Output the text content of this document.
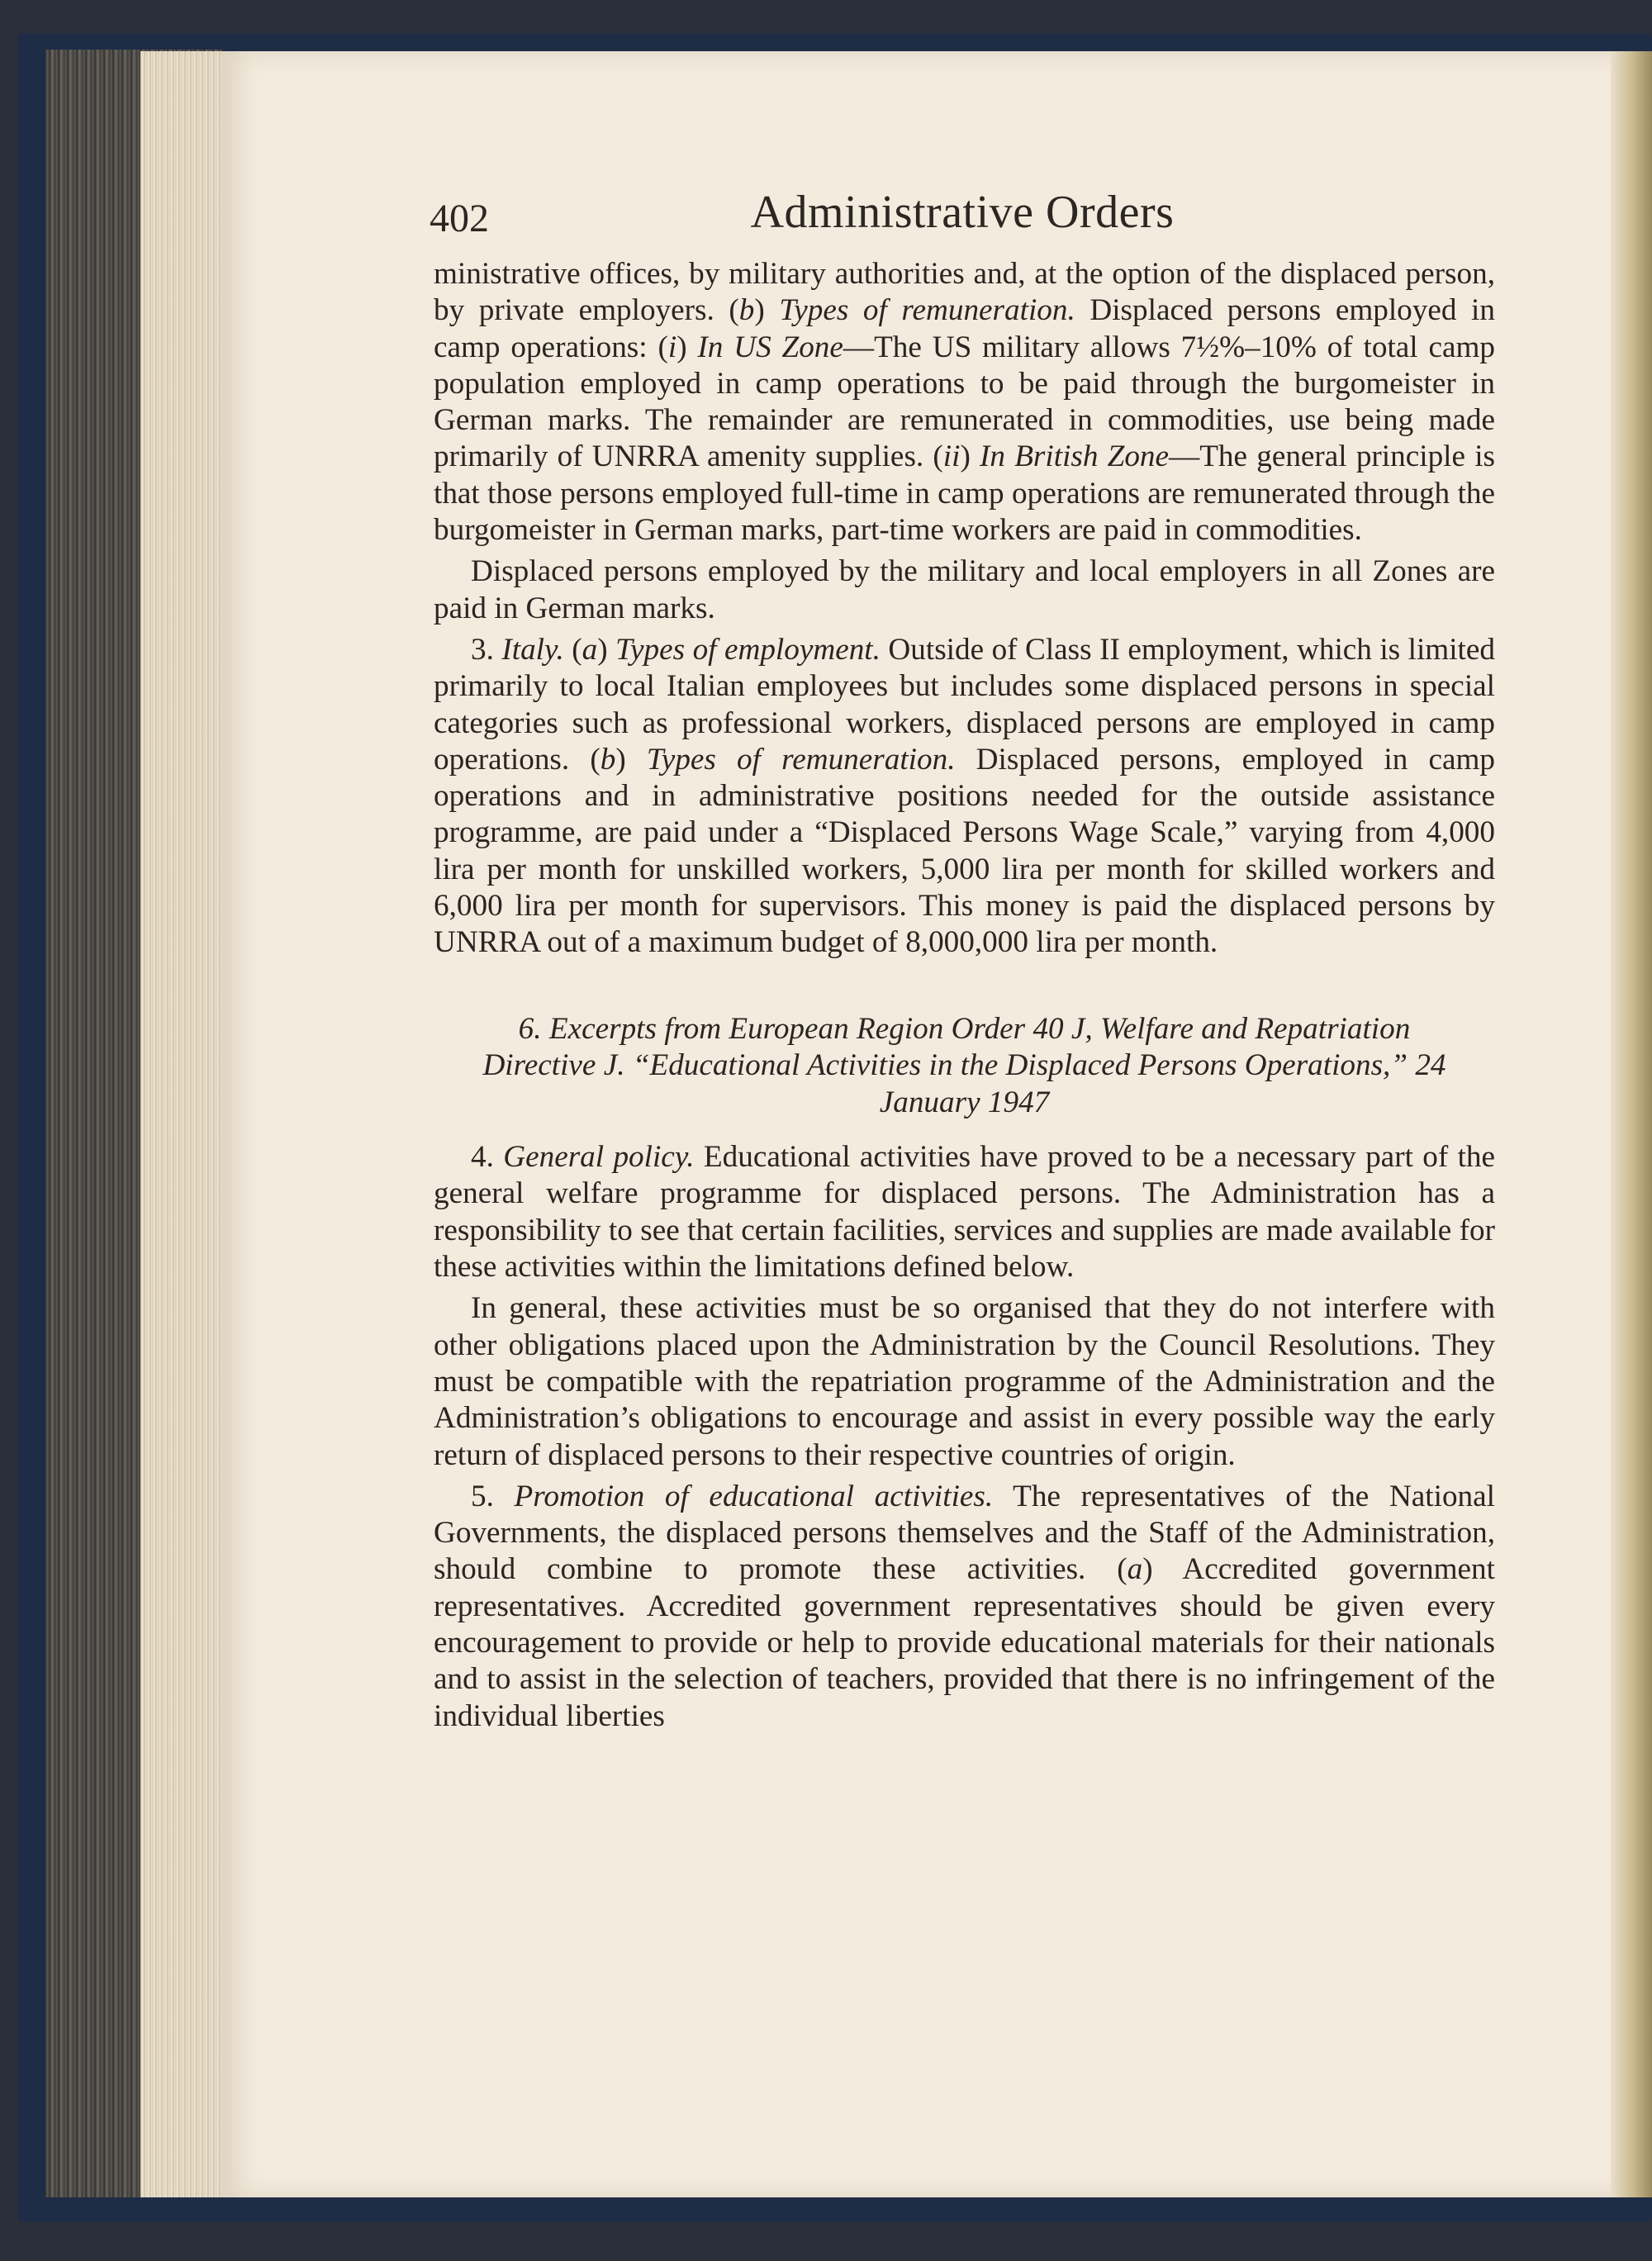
402	Administrative Orders

ministrative offices, by military authorities and, at the option of the displaced person, by private employers. (b) Types of remuneration. Displaced persons employed in camp operations: (i) In US Zone—The US military allows 7½%–10% of total camp population employed in camp operations to be paid through the burgomeister in German marks. The remainder are remunerated in commodities, use being made primarily of UNRRA amenity supplies. (ii) In British Zone—The general principle is that those persons employed full-time in camp operations are remunerated through the burgomeister in German marks, part-time workers are paid in commodities.

Displaced persons employed by the military and local employers in all Zones are paid in German marks.

3. Italy. (a) Types of employment. Outside of Class II employment, which is limited primarily to local Italian employees but includes some displaced persons in special categories such as professional workers, displaced persons are employed in camp operations. (b) Types of remuneration. Displaced persons, employed in camp operations and in administrative positions needed for the outside assistance programme, are paid under a “Displaced Persons Wage Scale,” varying from 4,000 lira per month for unskilled workers, 5,000 lira per month for skilled workers and 6,000 lira per month for supervisors. This money is paid the displaced persons by UNRRA out of a maximum budget of 8,000,000 lira per month.

6. Excerpts from European Region Order 40 J, Welfare and Repatriation Directive J. “Educational Activities in the Displaced Persons Operations,” 24 January 1947

4. General policy. Educational activities have proved to be a necessary part of the general welfare programme for displaced persons. The Administration has a responsibility to see that certain facilities, services and supplies are made available for these activities within the limitations defined below.

In general, these activities must be so organised that they do not interfere with other obligations placed upon the Administration by the Council Resolutions. They must be compatible with the repatriation programme of the Administration and the Administration’s obligations to encourage and assist in every possible way the early return of displaced persons to their respective countries of origin.

5. Promotion of educational activities. The representatives of the National Governments, the displaced persons themselves and the Staff of the Administration, should combine to promote these activities. (a) Accredited government representatives. Accredited government representatives should be given every encouragement to provide or help to provide educational materials for their nationals and to assist in the selection of teachers, provided that there is no infringement of the individual liberties
